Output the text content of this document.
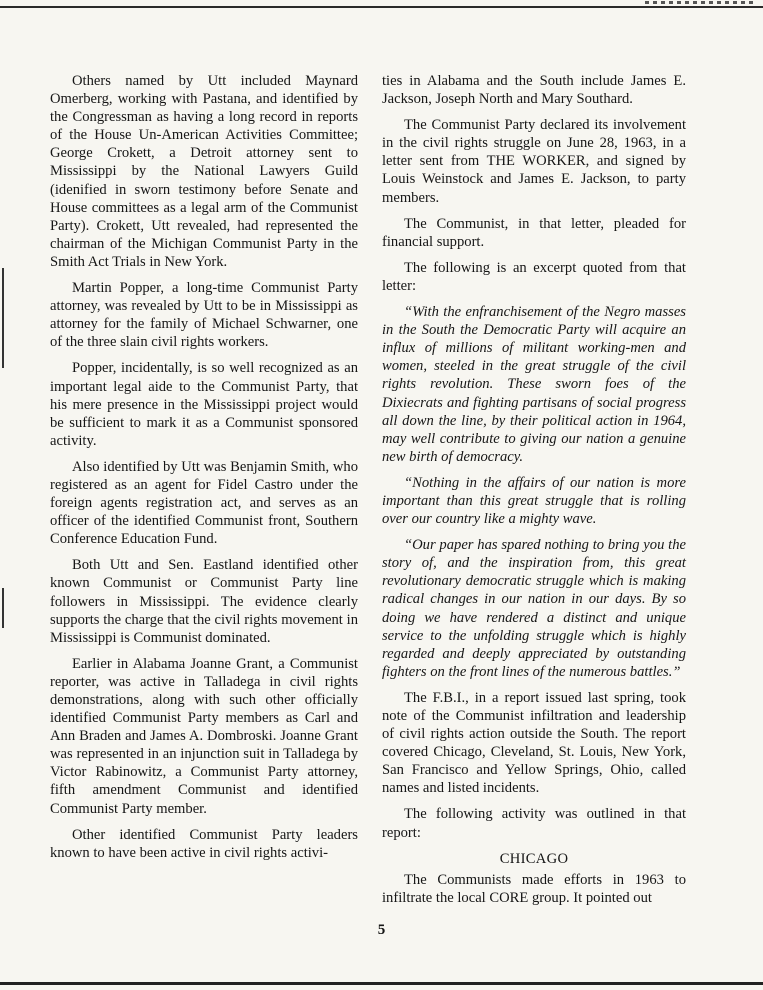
Others named by Utt included Maynard Omerberg, working with Pastana, and identified by the Congressman as having a long record in reports of the House Un-American Activities Committee; George Crokett, a Detroit attorney sent to Mississippi by the National Lawyers Guild (idenified in sworn testimony before Senate and House committees as a legal arm of the Communist Party). Crokett, Utt revealed, had represented the chairman of the Michigan Communist Party in the Smith Act Trials in New York.

Martin Popper, a long-time Communist Party attorney, was revealed by Utt to be in Mississippi as attorney for the family of Michael Schwarner, one of the three slain civil rights workers.

Popper, incidentally, is so well recognized as an important legal aide to the Communist Party, that his mere presence in the Mississippi project would be sufficient to mark it as a Communist sponsored activity.

Also identified by Utt was Benjamin Smith, who registered as an agent for Fidel Castro under the foreign agents registration act, and serves as an officer of the identified Communist front, Southern Conference Education Fund.

Both Utt and Sen. Eastland identified other known Communist or Communist Party line followers in Mississippi. The evidence clearly supports the charge that the civil rights movement in Mississippi is Communist dominated.

Earlier in Alabama Joanne Grant, a Communist reporter, was active in Talladega in civil rights demonstrations, along with such other officially identified Communist Party members as Carl and Ann Braden and James A. Dombroski. Joanne Grant was represented in an injunction suit in Talladega by Victor Rabinowitz, a Communist Party attorney, fifth amendment Communist and identified Communist Party member.

Other identified Communist Party leaders known to have been active in civil rights activi-

ties in Alabama and the South include James E. Jackson, Joseph North and Mary Southard.

The Communist Party declared its involvement in the civil rights struggle on June 28, 1963, in a letter sent from THE WORKER, and signed by Louis Weinstock and James E. Jackson, to party members.

The Communist, in that letter, pleaded for financial support.

The following is an excerpt quoted from that letter:

“With the enfranchisement of the Negro masses in the South the Democratic Party will acquire an influx of millions of militant working-men and women, steeled in the great struggle of the civil rights revolution. These sworn foes of the Dixiecrats and fighting partisans of social progress all down the line, by their political action in 1964, may well contribute to giving our nation a genuine new birth of democracy.

“Nothing in the affairs of our nation is more important than this great struggle that is rolling over our country like a mighty wave.

“Our paper has spared nothing to bring you the story of, and the inspiration from, this great revolutionary democratic struggle which is making radical changes in our nation in our days. By so doing we have rendered a distinct and unique service to the unfolding struggle which is highly regarded and deeply appreciated by outstanding fighters on the front lines of the numerous battles.”

The F.B.I., in a report issued last spring, took note of the Communist infiltration and leadership of civil rights action outside the South. The report covered Chicago, Cleveland, St. Louis, New York, San Francisco and Yellow Springs, Ohio, called names and listed incidents.

The following activity was outlined in that report:

CHICAGO

The Communists made efforts in 1963 to infiltrate the local CORE group. It pointed out

5
